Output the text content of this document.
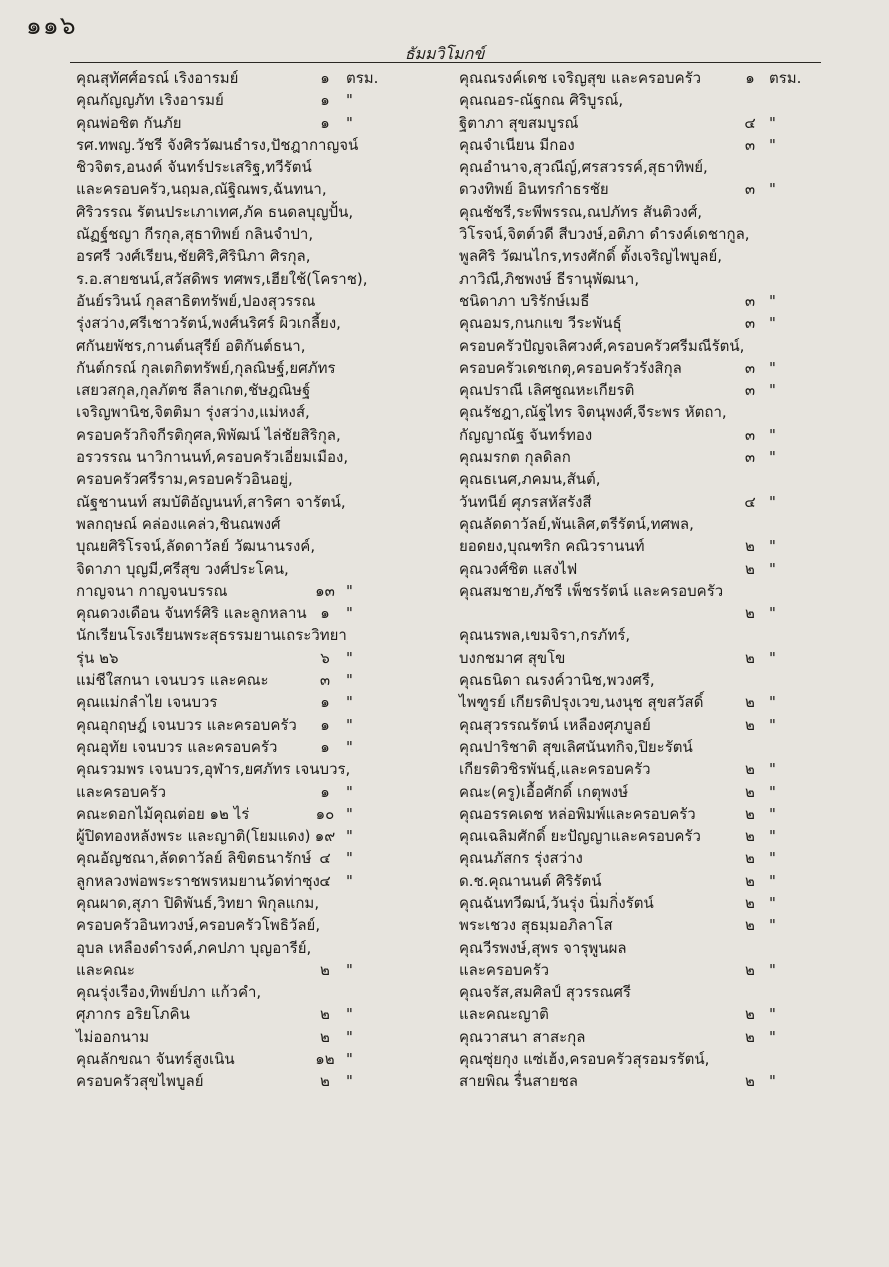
๑๑๖
ธัมมวิโมกข์
คุณสุทัศศ์อรณ์ เริงอารมย์	๑	ตรม.
คุณกัญญภัท เริงอารมย์	๑	"
คุณพ่อชิต กันภัย	๑	"
รศ.ทพญ.วัชรี จังศิรวัฒนธำรง,ปัชฎากาญจน์
ชิวจิตร,อนงค์ จันทร์ประเสริฐ,ทวีรัตน์
และครอบครัว,นฤมล,ณัฐิณพร,ฉันทนา,
ศิริวรรณ รัตนประเภาเทศ,ภัค ธนดลบุญปั้น,
ณัฏฐ์ชญา กีรกุล,สุธาทิพย์ กลินจำปา,
อรศรี วงศ์เรียน,ชัยศิริ,ศิรินิภา ศิรกุล,
ร.อ.สายชนน์,สวัสดิพร ทศพร,เฮียใช้(โคราช),
อันย์รวินน์ กุลสาธิตทรัพย์,ปองสุวรรณ
รุ่งสว่าง,ศรีเชาวรัตน์,พงศ์นริศร์ ผิวเกลี้ยง,
ศกันยพัชร,กานต์นสุรีย์ อติกันต์ธนา,
กันต์กรณ์ กุลเตกิตทรัพย์,กุลณิษฐ์,ยศภัทร
เสยวสกุล,กุลภัตช ลีลาเกต,ชัษฎณิษฐ์
เจริญพานิช,จิตติมา รุ่งสว่าง,แม่หงส์,
ครอบครัวกิจกีรติกุศล,พิพัฒน์ ไล่ชัยสิริกุล,
อรวรรณ นาวิกานนท์,ครอบครัวเอี่ยมเมือง,
ครอบครัวศรีราม,ครอบครัวอินอยู่,
ณัฐชานนท์ สมบัติอัญนนท์,สาริศา จารัตน์,
พลกฤษณ์ คล่องแคล่ว,ชินณพงศ์
บุณยศิริโรจน์,ลัดดาวัลย์ วัฒนานรงค์,
จิดาภา บุญมี,ศรีสุข วงศ์ประโคน,
กาญจนา กาญจนบรรณ	๑๓ "
คุณดวงเดือน จันทร์ศิริ และลูกหลาน ๑	"
นักเรียนโรงเรียนพระสุธรรมยานเถระวิทยา
รุ่น ๒๖	๖	"
แม่ชีใสกนา เจนบวร และคณะ	๓	"
คุณแม่กลำไย เจนบวร	๑	"
คุณอุกฤษฎ์ เจนบวร และครอบครัว	๑	"
คุณอุทัย เจนบวร และครอบครัว	๑	"
คุณรวมพร เจนบวร,อุฬาร,ยศภัทร เจนบวร,
และครอบครัว	๑	"
คณะดอกไม้คุณต่อย ๑๒ ไร่	๑๐ "
ผู้ปิดทองหลังพระ และญาติ(โยมแดง) ๑๙ "
คุณอัญชณา,ลัดดาวัลย์ ลิขิตธนารักษ์ ๔	"
ลูกหลวงพ่อพระราชพรหมยานวัดท่าซุง ๔	"
คุณผาด,สุภา ปิดิพันธ์,วิทยา พิกุลแกม,
ครอบครัวอินทวงษ์,ครอบครัวโพธิวัลย์,
อุบล เหลืองดำรงค์,ภคปภา บุญอารีย์,
และคณะ	๒	"
คุณรุ่งเรือง,ทิพย์ปภา แก้วคำ,
ศุภากร อริยโภคิน	๒	"
ไม่ออกนาม	๒	"
คุณลักขณา จันทร์สูงเนิน	๑๒ "
ครอบครัวสุขไพบูลย์	๒	"
คุณณรงค์เดช เจริญสุข และครอบครัว	๑ ตรม.
คุณณอร-ณัฐกณ ศิริบูรณ์,
ฐิตาภา สุขสมบูรณ์	๔ "
คุณจำเนียน มีกอง	๓ "
คุณอำนาจ,สุวณีญ์,ศรสวรรค์,สุธาทิพย์,
ดวงทิพย์ อินทรกำธรชัย	๓ "
คุณชัชรี,ระพีพรรณ,ณปภัทร สันติวงศ์,
วิโรจน์,จิตต์วดี สีบวงษ์,อติภา ดำรงค์เดชากูล,
พูลศิริ วัฒนไกร,ทรงศักดิ์ ตั้งเจริญไพบูลย์,
ภาวิณี,ภิชพงษ์ ธีรานุพัฒนา,
ชนิดาภา บริรักษ์เมธี	๓ "
คุณอมร,กนกแข วีระพันธุ์	๓ "
ครอบครัวปัญจเลิศวงศ์,ครอบครัวศรีมณีรัตน์,
ครอบครัวเดชเกตุ,ครอบครัวรังสิกุล	๓ "
คุณปราณี เลิศชูณหะเกียรติ	๓ "
คุณรัชฎา,ณัฐไทร จิตนุพงศ์,จีระพร หัตถา,
กัญญาณัฐ จันทร์ทอง	๓ "
คุณมรกต กุลดิลก	๓ "
คุณธเนศ,ภคมน,สันต์,
วันทนีย์ ศุภรสหัสรังสี	๔ "
คุณลัดดาวัลย์,พันเลิศ,ตรีรัตน์,ทศพล,
ยอดยง,บุณฑริก คณิวรานนท์	๒ "
คุณวงศ์ชิต แสงไฟ	๒ "
คุณสมชาย,ภัชรี เพ็ชรรัตน์ และครอบครัว
๒ "
คุณนรพล,เขมจิรา,กรภัทร์,
บงกชมาศ สุขโข	๒ "
คุณธนิดา ณรงค์วานิช,พวงศรี,
ไพฑูรย์ เกียรติปรุงเวข,นงนุช สุขสวัสดิ์	๒ "
คุณสุวรรณรัตน์ เหลืองศุภบูลย์	๒ "
คุณปาริชาติ สุขเลิศนันทกิจ,ปิยะรัตน์
เกียรติวชิรพันธุ์,และครอบครัว	๒ "
คณะ(ครู)เอื้อศักดิ์ เกตุพงษ์	๒ "
คุณอรรคเดช หล่อพิมพ์และครอบครัว	๒ "
คุณเฉลิมศักดิ์ ยะปัญญาและครอบครัว	๒ "
คุณนภัสกร รุ่งสว่าง	๒ "
ด.ช.คุณานนต์ ศิริรัตน์	๒ "
คุณฉันทวีฒน์,วันรุ่ง นิ่มกิ่งรัตน์	๒ "
พระเชวง สุธมฺมอภิลาโส	๒ "
คุณวีรพงษ์,สุพร จารุพูนผล
และครอบครัว	๒ "
คุณจรัส,สมศิลป์ สุวรรณศรี
และคณะญาติ	๒ "
คุณวาสนา สาสะกุล	๒ "
คุณซุ่ยกุง แซ่เฮ้ง,ครอบครัวสุรอมรรัตน์,
สายพิณ รื่นสายชล	๒ "
